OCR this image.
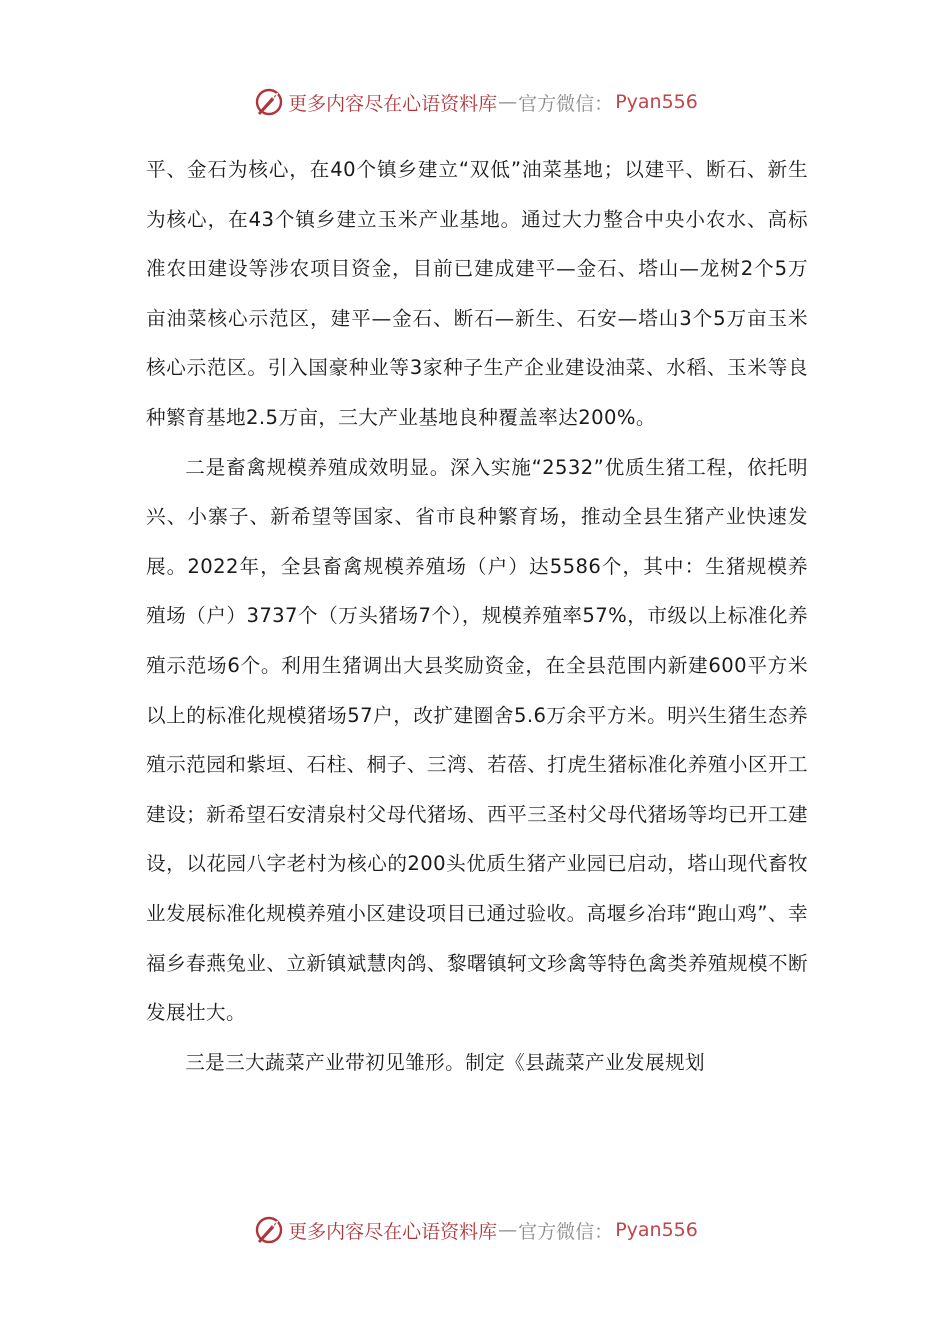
更多内容尽在心语资料库 — 官方微信： Pyan556

平、金石为核心，在40个镇乡建立“双低”油菜基地；以建平、断石、新生为核心，在43个镇乡建立玉米产业基地。通过大力整合中央小农水、高标准农田建设等涉农项目资金，目前已建成建平—金石、塔山—龙树2个5万亩油菜核心示范区，建平—金石、断石—新生、石安—塔山3个5万亩玉米核心示范区。引入国豪种业等3家种子生产企业建设油菜、水稻、玉米等良种繁育基地2.5万亩，三大产业基地良种覆盖率达200%。

二是畜禽规模养殖成效明显。深入实施“2532”优质生猪工程，依托明兴、小寨子、新希望等国家、省市良种繁育场，推动全县生猪产业快速发展。2022年，全县畜禽规模养殖场（户）达5586个，其中：生猪规模养殖场（户）3737个（万头猪场7个），规模养殖率57%，市级以上标准化养殖示范场6个。利用生猪调出大县奖励资金，在全县范围内新建600平方米以上的标准化规模猪场57户，改扩建圈舍5.6万余平方米。明兴生猪生态养殖示范园和紫垣、石柱、桐子、三湾、若蓓、打虎生猪标准化养殖小区开工建设；新希望石安清泉村父母代猪场、西平三圣村父母代猪场等均已开工建设，以花园八字老村为核心的200头优质生猪产业园已启动，塔山现代畜牧业发展标准化规模养殖小区建设项目已通过验收。高堰乡冶玮“跑山鸡”、幸福乡春燕兔业、立新镇斌慧肉鸽、黎曙镇轲文珍禽等特色禽类养殖规模不断发展壮大。

三是三大蔬菜产业带初见雏形。制定《县蔬菜产业发展规划

更多内容尽在心语资料库 — 官方微信： Pyan556
